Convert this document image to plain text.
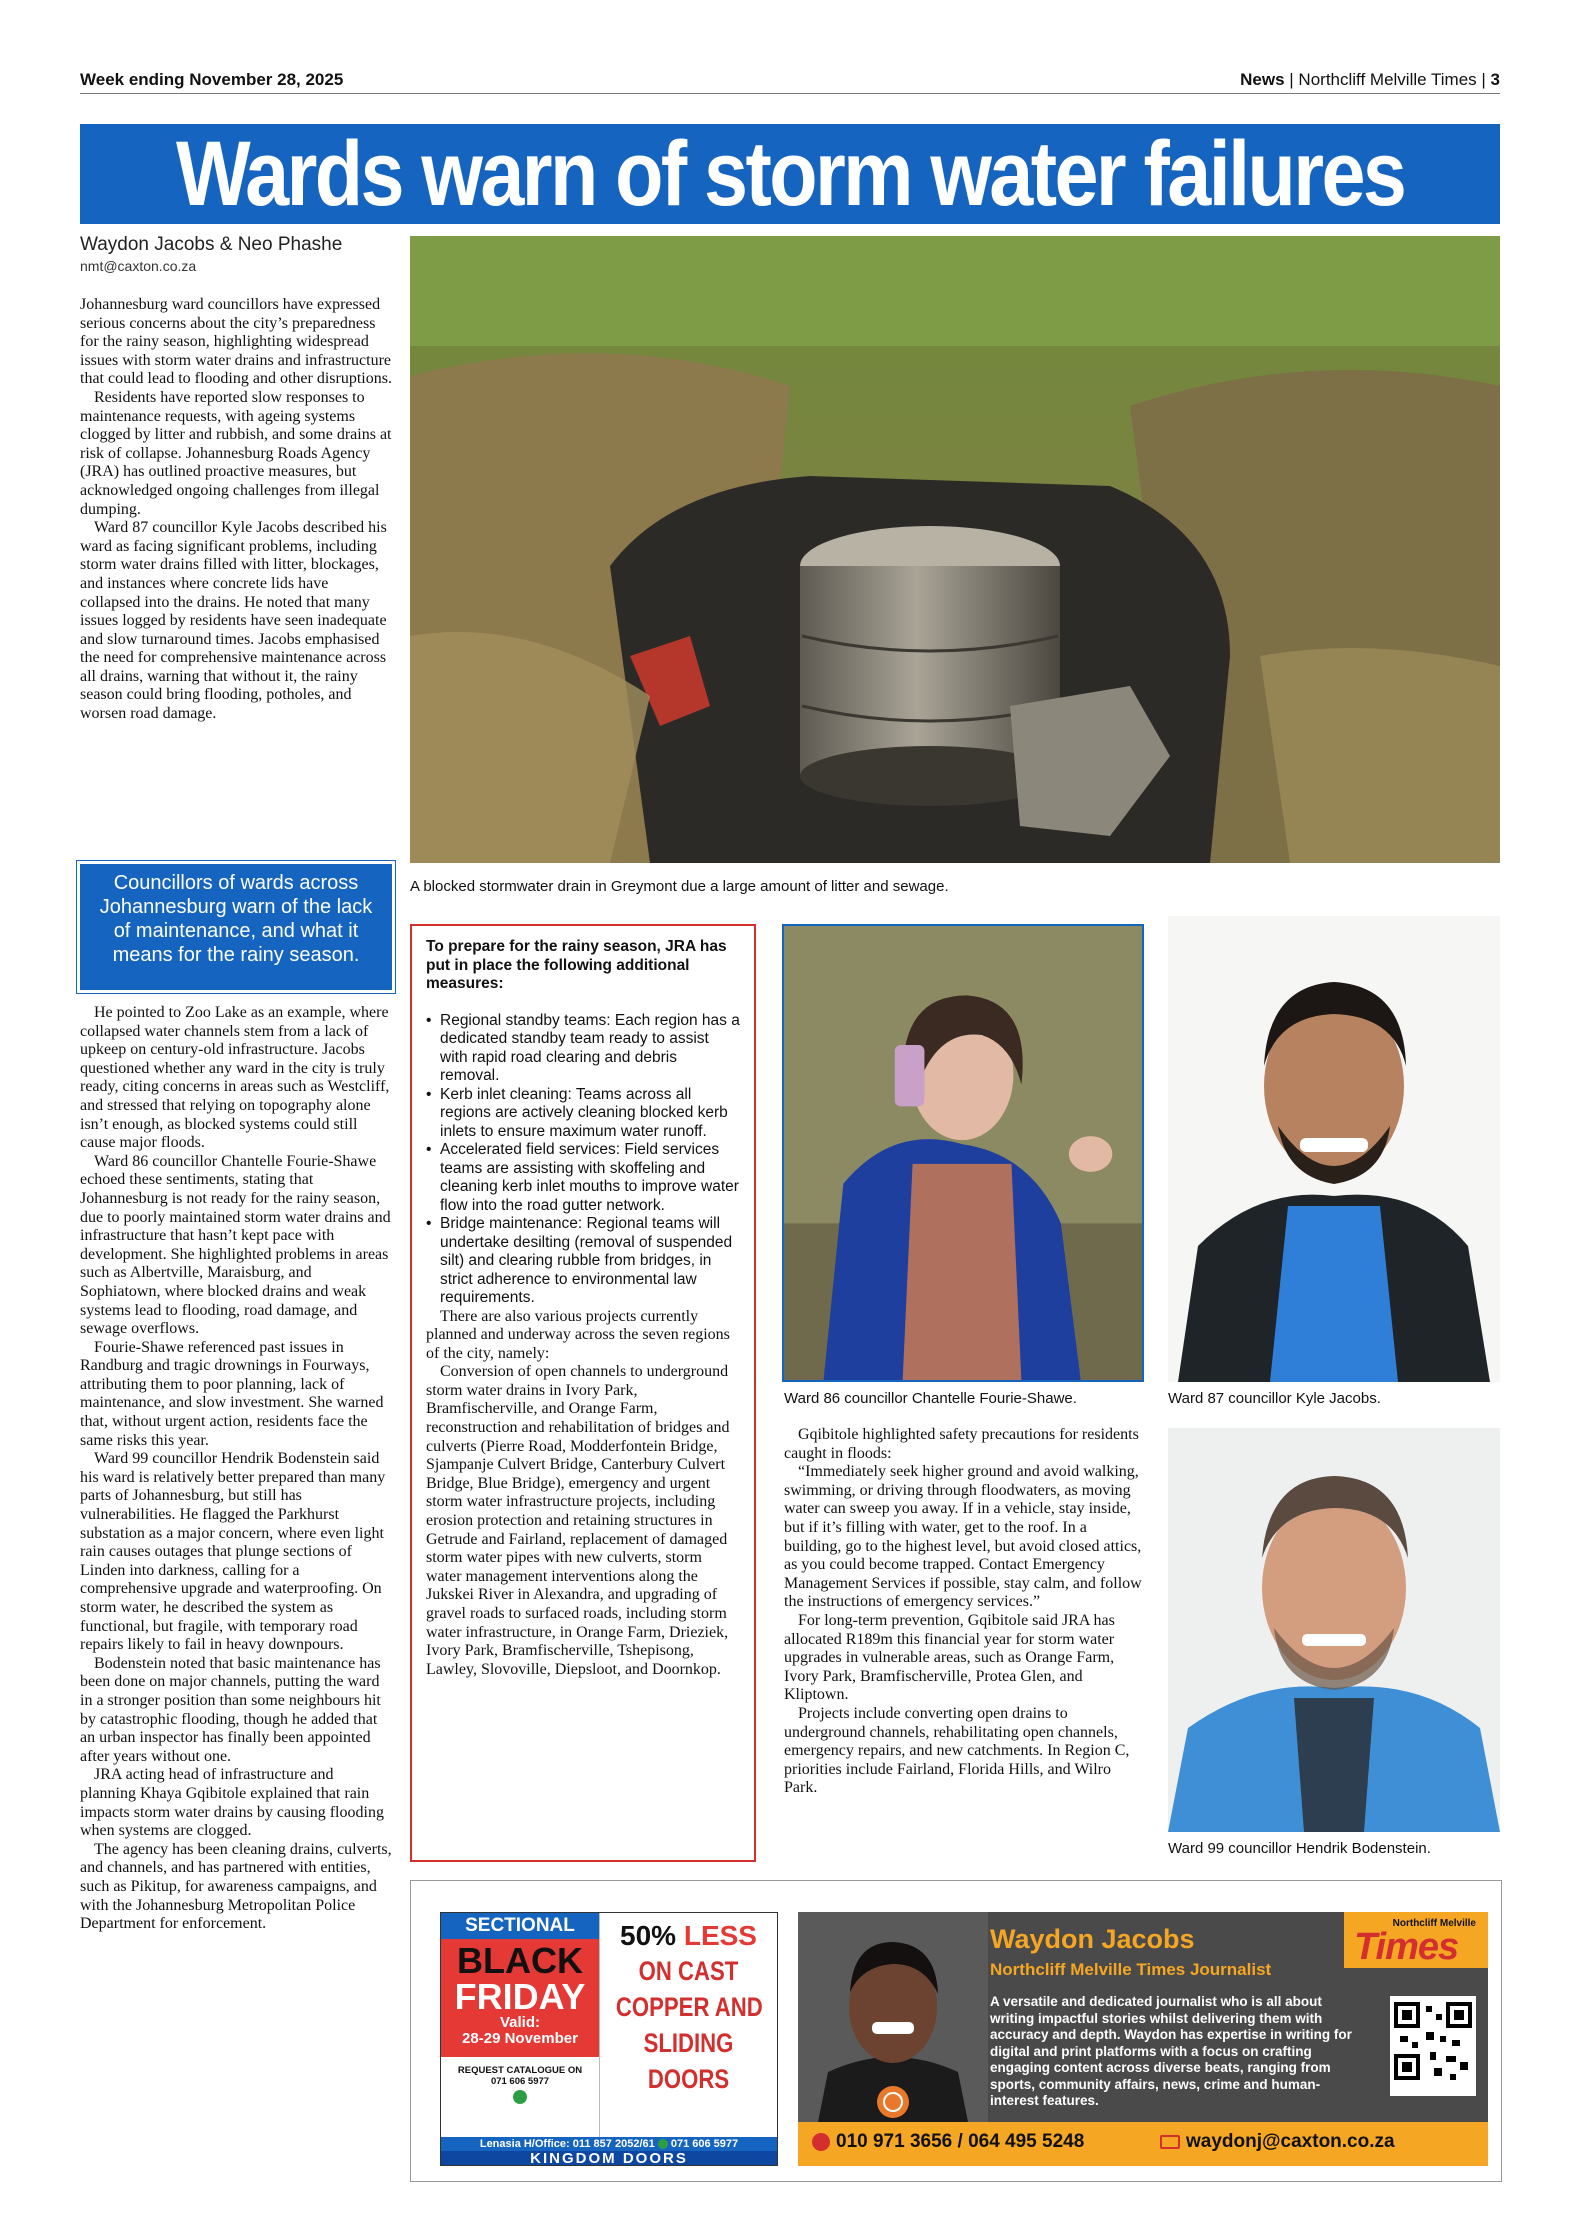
Week ending November 28, 2025	News | Northcliff Melville Times | 3
Wards warn of storm water failures
Waydon Jacobs & Neo Phashe
nmt@caxton.co.za

Johannesburg ward councillors have expressed serious concerns about the city’s preparedness for the rainy season, highlighting widespread issues with storm water drains and infrastructure that could lead to flooding and other disruptions.

Residents have reported slow responses to maintenance requests, with ageing systems clogged by litter and rubbish, and some drains at risk of collapse. Johannesburg Roads Agency (JRA) has outlined proactive measures, but acknowledged ongoing challenges from illegal dumping.

Ward 87 councillor Kyle Jacobs described his ward as facing significant problems, including storm water drains filled with litter, blockages, and instances where concrete lids have collapsed into the drains. He noted that many issues logged by residents have seen inadequate and slow turnaround times. Jacobs emphasised the need for comprehensive maintenance across all drains, warning that without it, the rainy season could bring flooding, potholes, and worsen road damage.

Councillors of wards across Johannesburg warn of the lack of maintenance, and what it means for the rainy season.

He pointed to Zoo Lake as an example, where collapsed water channels stem from a lack of upkeep on century-old infrastructure. Jacobs questioned whether any ward in the city is truly ready, citing concerns in areas such as Westcliff, and stressed that relying on topography alone isn’t enough, as blocked systems could still cause major floods.

Ward 86 councillor Chantelle Fourie-Shawe echoed these sentiments, stating that Johannesburg is not ready for the rainy season, due to poorly maintained storm water drains and infrastructure that hasn’t kept pace with development. She highlighted problems in areas such as Albertville, Maraisburg, and Sophiatown, where blocked drains and weak systems lead to flooding, road damage, and sewage overflows.

Fourie-Shawe referenced past issues in Randburg and tragic drownings in Fourways, attributing them to poor planning, lack of maintenance, and slow investment. She warned that, without urgent action, residents face the same risks this year.

Ward 99 councillor Hendrik Bodenstein said his ward is relatively better prepared than many parts of Johannesburg, but still has vulnerabilities. He flagged the Parkhurst substation as a major concern, where even light rain causes outages that plunge sections of Linden into darkness, calling for a comprehensive upgrade and waterproofing. On storm water, he described the system as functional, but fragile, with temporary road repairs likely to fail in heavy downpours.

Bodenstein noted that basic maintenance has been done on major channels, putting the ward in a stronger position than some neighbours hit by catastrophic flooding, though he added that an urban inspector has finally been appointed after years without one.

JRA acting head of infrastructure and planning Khaya Gqibitole explained that rain impacts storm water drains by causing flooding when systems are clogged.

The agency has been cleaning drains, culverts, and channels, and has partnered with entities, such as Pikitup, for awareness campaigns, and with the Johannesburg Metropolitan Police Department for enforcement.

A blocked stormwater drain in Greymont due a large amount of litter and sewage.
To prepare for the rainy season, JRA has put in place the following additional measures:
• Regional standby teams: Each region has a dedicated standby team ready to assist with rapid road clearing and debris removal.
• Kerb inlet cleaning: Teams across all regions are actively cleaning blocked kerb inlets to ensure maximum water runoff.
• Accelerated field services: Field services teams are assisting with skoffeling and cleaning kerb inlet mouths to improve water flow into the road gutter network.
• Bridge maintenance: Regional teams will undertake desilting (removal of suspended silt) and clearing rubble from bridges, in strict adherence to environmental law requirements.

There are also various projects currently planned and underway across the seven regions of the city, namely:

Conversion of open channels to underground storm water drains in Ivory Park, Bramfischerville, and Orange Farm, reconstruction and rehabilitation of bridges and culverts (Pierre Road, Modderfontein Bridge, Sjampanje Culvert Bridge, Canterbury Culvert Bridge, Blue Bridge), emergency and urgent storm water infrastructure projects, including erosion protection and retaining structures in Getrude and Fairland, replacement of damaged storm water pipes with new culverts, storm water management interventions along the Jukskei River in Alexandra, and upgrading of gravel roads to surfaced roads, including storm water infrastructure, in Orange Farm, Drieziek, Ivory Park, Bramfischerville, Tshepisong, Lawley, Slovoville, Diepsloot, and Doornkop.

Ward 86 councillor Chantelle Fourie-Shawe.	Ward 87 councillor Kyle Jacobs.

Gqibitole highlighted safety precautions for residents caught in floods:

“Immediately seek higher ground and avoid walking, swimming, or driving through floodwaters, as moving water can sweep you away. If in a vehicle, stay inside, but if it’s filling with water, get to the roof. In a building, go to the highest level, but avoid closed attics, as you could become trapped. Contact Emergency Management Services if possible, stay calm, and follow the instructions of emergency services.”

For long-term prevention, Gqibitole said JRA has allocated R189m this financial year for storm water upgrades in vulnerable areas, such as Orange Farm, Ivory Park, Bramfischerville, Protea Glen, and Kliptown.

Projects include converting open drains to underground channels, rehabilitating open channels, emergency repairs, and new catchments. In Region C, priorities include Fairland, Florida Hills, and Wilro Park.

Ward 99 councillor Hendrik Bodenstein.
SECTIONAL
BLACK
FRIDAY
Valid:
28-29 November
REQUEST CATALOGUE ON
071 606 5977
50% LESS
ON CAST
COPPER AND
SLIDING
DOORS
Lenasia H/Office: 011 857 2052/61 071 606 5977
KINGDOM DOORS
Waydon Jacobs
Northcliff Melville Times Journalist
A versatile and dedicated journalist who is all about writing impactful stories whilst delivering them with accuracy and depth. Waydon has expertise in writing for digital and print platforms with a focus on crafting engaging content across diverse beats, ranging from sports, community affairs, news, crime and human-interest features.
Northcliff Melville
Times
010 971 3656 / 064 495 5248	waydonj@caxton.co.za
